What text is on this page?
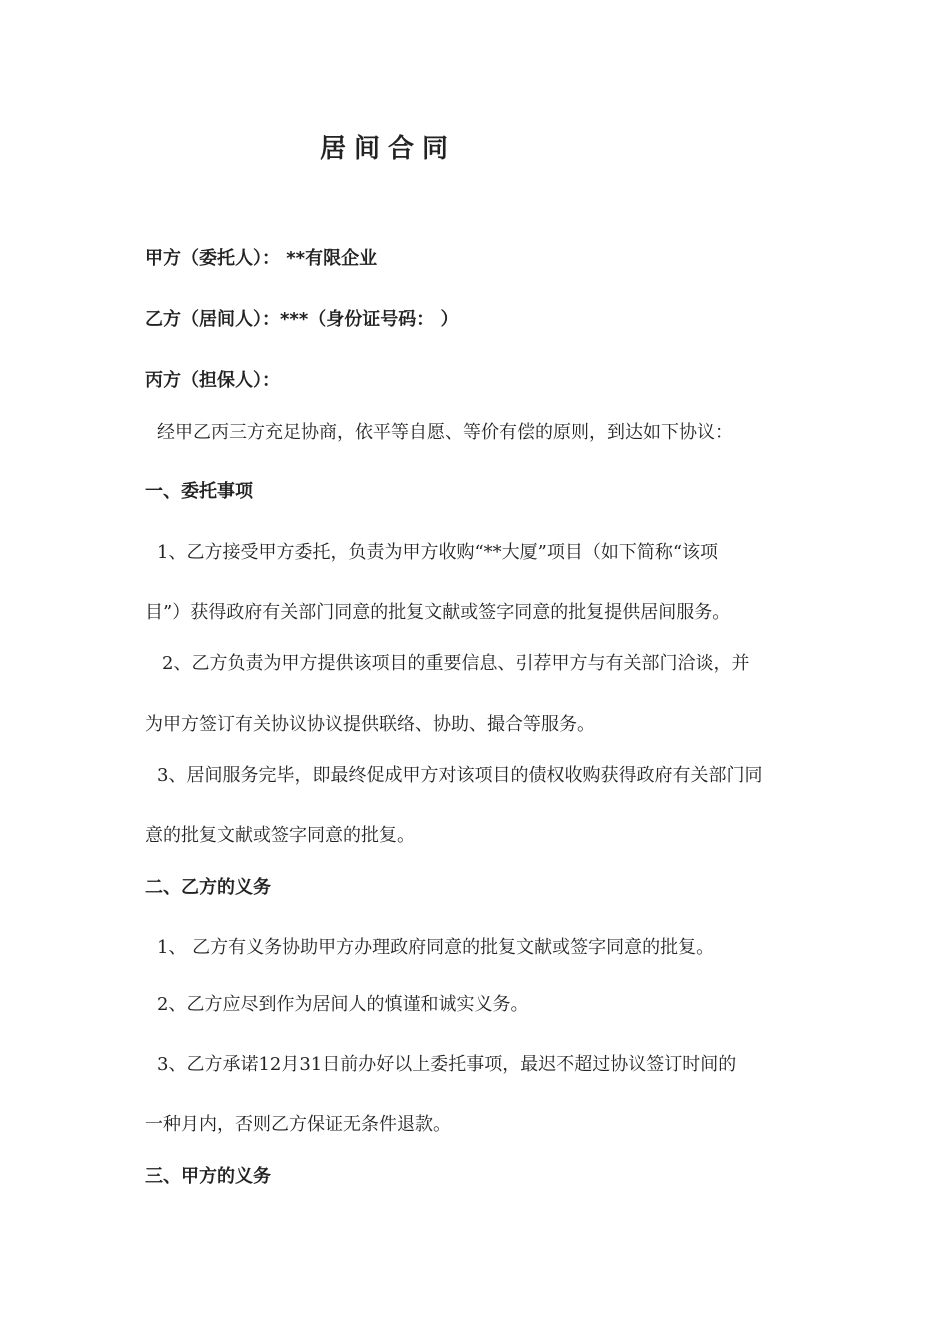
居间合同
甲方（委托人）： **有限企业
乙方（居间人）：***（身份证号码： ）
丙方（担保人）：
经甲乙丙三方充足协商，依平等自愿、等价有偿的原则，到达如下协议：
一、委托事项
1、乙方接受甲方委托，负责为甲方收购“**大厦”项目（如下简称“该项
目”）获得政府有关部门同意的批复文献或签字同意的批复提供居间服务。
2、乙方负责为甲方提供该项目的重要信息、引荐甲方与有关部门洽谈，并
为甲方签订有关协议协议提供联络、协助、撮合等服务。
3、居间服务完毕，即最终促成甲方对该项目的债权收购获得政府有关部门同
意的批复文献或签字同意的批复。
二、乙方的义务
1、 乙方有义务协助甲方办理政府同意的批复文献或签字同意的批复。
2、乙方应尽到作为居间人的慎谨和诚实义务。
3、乙方承诺12月31日前办好以上委托事项，最迟不超过协议签订时间的
一种月内，否则乙方保证无条件退款。
三、甲方的义务
